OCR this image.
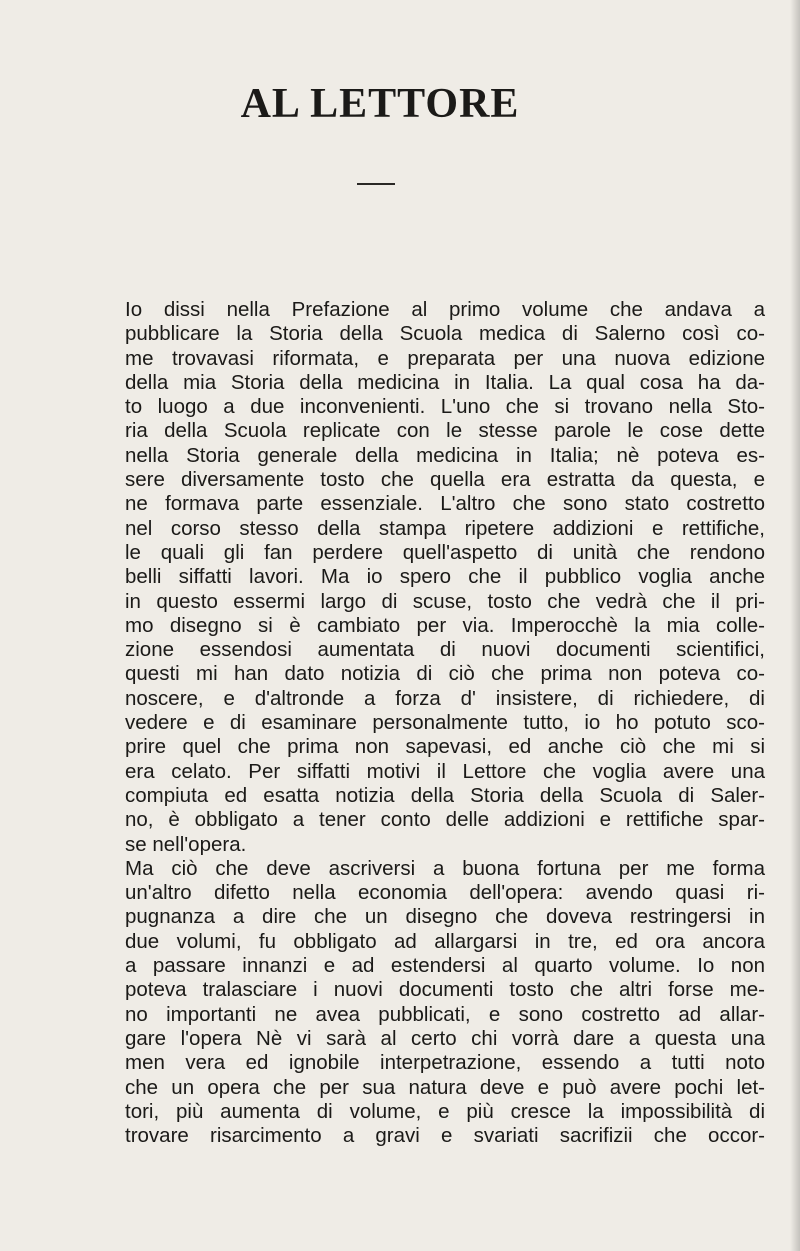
AL LETTORE
Io dissi nella Prefazione al primo volume che andava a
pubblicare la Storia della Scuola medica di Salerno così co-
me trovavasi riformata, e preparata per una nuova edizione
della mia Storia della medicina in Italia. La qual cosa ha da-
to luogo a due inconvenienti. L'uno che si trovano nella Sto-
ria della Scuola replicate con le stesse parole le cose dette
nella Storia generale della medicina in Italia; nè poteva es-
sere diversamente tosto che quella era estratta da questa, e
ne formava parte essenziale. L'altro che sono stato costretto
nel corso stesso della stampa ripetere addizioni e rettifiche,
le quali gli fan perdere quell'aspetto di unità che rendono
belli siffatti lavori. Ma io spero che il pubblico voglia anche
in questo essermi largo di scuse, tosto che vedrà che il pri-
mo disegno si è cambiato per via. Imperocchè la mia colle-
zione essendosi aumentata di nuovi documenti scientifici,
questi mi han dato notizia di ciò che prima non poteva co-
noscere, e d'altronde a forza d' insistere, di richiedere, di
vedere e di esaminare personalmente tutto, io ho potuto sco-
prire quel che prima non sapevasi, ed anche ciò che mi si
era celato. Per siffatti motivi il Lettore che voglia avere una
compiuta ed esatta notizia della Storia della Scuola di Saler-
no, è obbligato a tener conto delle addizioni e rettifiche spar-
se nell'opera.
Ma ciò che deve ascriversi a buona fortuna per me forma
un'altro difetto nella economia dell'opera: avendo quasi ri-
pugnanza a dire che un disegno che doveva restringersi in
due volumi, fu obbligato ad allargarsi in tre, ed ora ancora
a passare innanzi e ad estendersi al quarto volume. Io non
poteva tralasciare i nuovi documenti tosto che altri forse me-
no importanti ne avea pubblicati, e sono costretto ad allar-
gare l'opera Nè vi sarà al certo chi vorrà dare a questa una
men vera ed ignobile interpetrazione, essendo a tutti noto
che un opera che per sua natura deve e può avere pochi let-
tori, più aumenta di volume, e più cresce la impossibilità di
trovare risarcimento a gravi e svariati sacrifizii che occor-
